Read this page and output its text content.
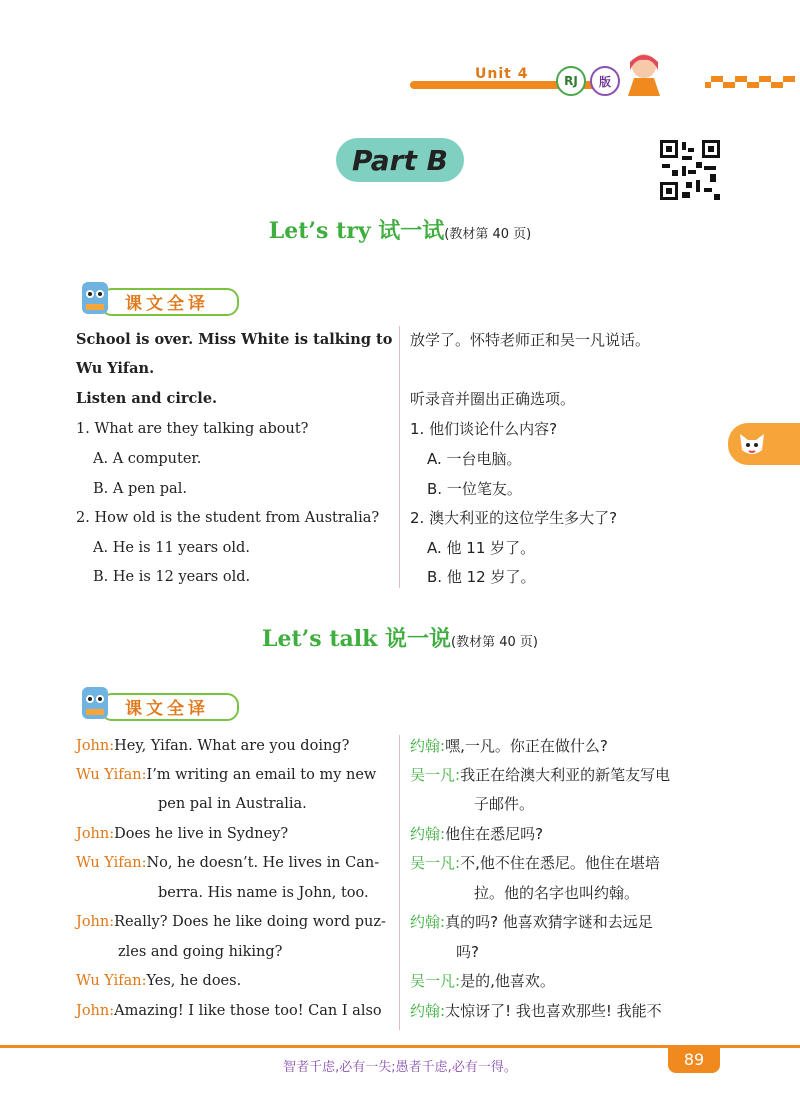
Unit 4	RJ	版
Part B
Let’s try 试一试(教材第 40 页)
课文全译
School is over. Miss White is talking to
Wu Yifan.
Listen and circle.
1. What are they talking about?
A. A computer.
B. A pen pal.
2. How old is the student from Australia?
A. He is 11 years old.
B. He is 12 years old.
放学了。怀特老师正和吴一凡说话。
听录音并圈出正确选项。
1. 他们谈论什么内容?
A. 一台电脑。
B. 一位笔友。
2. 澳大利亚的这位学生多大了?
A. 他 11 岁了。
B. 他 12 岁了。
Let’s talk 说一说(教材第 40 页)
课文全译
John:Hey, Yifan. What are you doing?
Wu Yifan:I’m writing an email to my new
pen pal in Australia.
John:Does he live in Sydney?
Wu Yifan:No, he doesn’t. He lives in Can-
berra. His name is John, too.
John:Really? Does he like doing word puz-
zles and going hiking?
Wu Yifan:Yes, he does.
John:Amazing! I like those too! Can I also
约翰:嘿,一凡。你正在做什么?
吴一凡:我正在给澳大利亚的新笔友写电
子邮件。
约翰:他住在悉尼吗?
吴一凡:不,他不住在悉尼。他住在堪培
拉。他的名字也叫约翰。
约翰:真的吗? 他喜欢猜字谜和去远足
吗?
吴一凡:是的,他喜欢。
约翰:太惊讶了! 我也喜欢那些! 我能不
智者千虑,必有一失;愚者千虑,必有一得。	89
